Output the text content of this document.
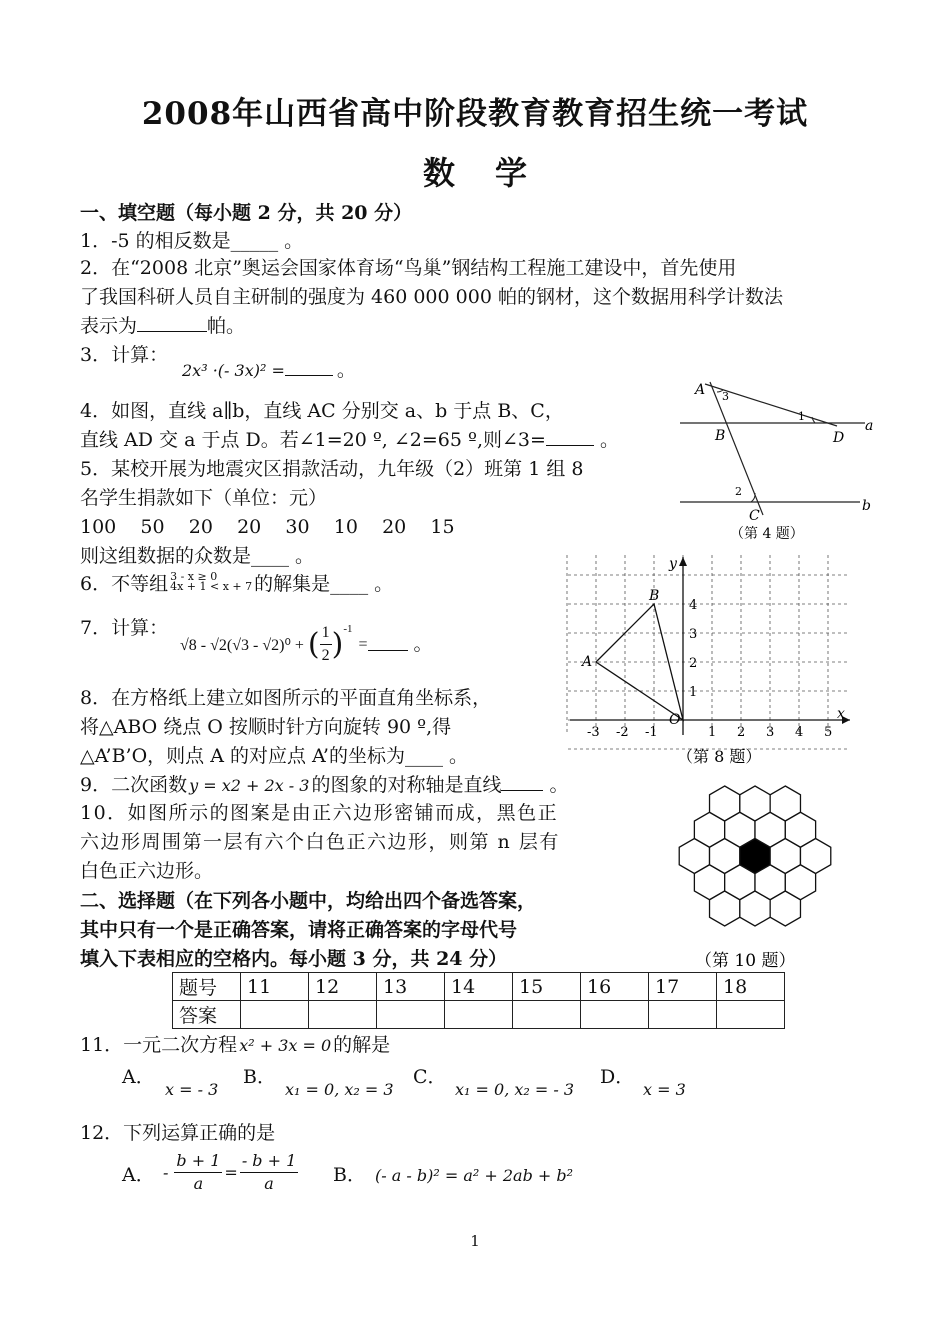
2008年山西省高中阶段教育教育招生统一考试
数学
一、填空题（每小题 2 分，共 20 分）
1．-5 的相反数是_____ 。
2．在“2008 北京”奥运会国家体育场“鸟巢”钢结构工程施工建设中，首先使用
了我国科研人员自主研制的强度为 460 000 000 帕的钢材，这个数据用科学计数法
表示为	帕。
3．计算：
2x³ ·(- 3x)² =	。
4．如图，直线 a∥b，直线 AC 分别交 a、b 于点 B、C，
直线 AD 交 a 于点 D。若∠1=20 º, ∠2=65 º,则∠3=	。
5．某校开展为地震灾区捐款活动，九年级（2）班第 1 组 8
名学生捐款如下（单位：元）
100    50    20    20    30    10    20    15
则这组数据的众数是____ 。
6．不等组 3 - x ≥ 0
4x + 1 < x + 7 的解集是____ 。
7．计算：
√8 - √2(√3 - √2)⁰ + ( $\frac{1}{2}$ ) -1
= 。
8．在方格纸上建立如图所示的平面直角坐标系，
将△ABO 绕点 O 按顺时针方向旋转 90 º,得
△A’B’O，则点 A 的对应点 A’的坐标为____ 。
9．二次函数 y = x2 + 2x - 3 的图象的对称轴是直线 。
10．如图所示的图案是由正六边形密铺而成，黑色正
六边形周围第一层有六个白色正六边形，则第 n 层有
白色正六边形。
二、选择题（在下列各小题中，均给出四个备选答案，
其中只有一个是正确答案，请将正确答案的字母代号
填入下表相应的空格内。每小题 3 分，共 24 分）
题号	11	12	13	14	15	16	17	18
答案								
11．一元二次方程 x² + 3x = 0 的解是
A．
x = - 3
B．
x₁ = 0, x₂ = 3
C．
x₁ = 0, x₂ = - 3
D．
x = 3
12．下列运算正确的是
A． - $\frac{b + 1}{a} = \frac{- b + 1}{a}$ B． (- a - b)² = a² + 2ab + b²
A
B
C
D
a
b
1
2
3
（第 4 题）
x
y
O
A
B
-3 -2 -1	1 2 3 4 5
1
2
3
4
（第 8 题）
（第 10 题）
1
